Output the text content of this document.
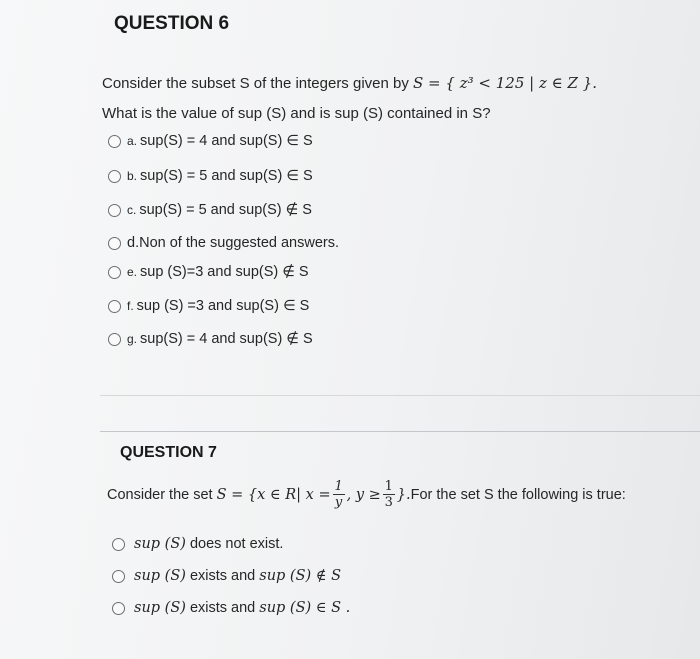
QUESTION 6
Consider the subset S of the integers given by S = { z³ < 125 | z ∈ Z }.
What is the value of sup (S) and is sup (S) contained in S?
a. sup(S) = 4 and sup(S) ∈ S
b. sup(S) = 5 and sup(S) ∈ S
c. sup(S) = 5 and sup(S) ∉ S
d. Non of the suggested answers.
e. sup (S)=3 and sup(S) ∉ S
f. sup (S) =3 and sup(S) ∈ S
g. sup(S) = 4 and sup(S) ∉ S
QUESTION 7
Consider the set S = {x ∈ R| $x = \frac{1}{y}$ , $y \ge \frac{1}{3}$ }. For the set S the following is true:
sup (S) does not exist.
sup (S) exists and sup (S) ∉ S
sup (S) exists and sup (S) ∈ S .
